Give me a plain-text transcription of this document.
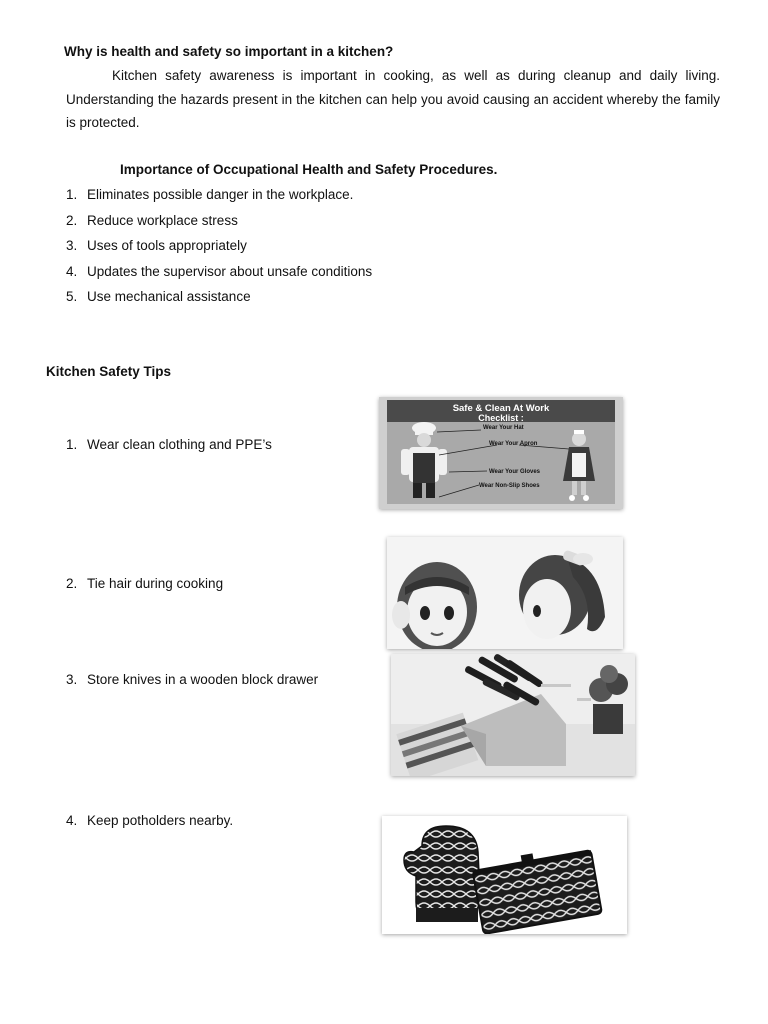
Why is health and safety so important in a kitchen?
Kitchen safety awareness is important in cooking, as well as during cleanup and daily living. Understanding the hazards present in the kitchen can help you avoid causing an accident whereby the family is protected.
Importance of Occupational Health and Safety Procedures.
1. Eliminates possible danger in the workplace.
2. Reduce workplace stress
3. Uses of tools appropriately
4. Updates the supervisor about unsafe conditions
5. Use mechanical assistance
Kitchen Safety Tips
1. Wear clean clothing and PPE’s
2. Tie hair during cooking
3. Store knives in a wooden block drawer
4. Keep potholders nearby.
Safe & Clean At Work
Checklist :
Wear Your Hat
Wear Your Apron
Wear Your Gloves
Wear Non-Slip Shoes
